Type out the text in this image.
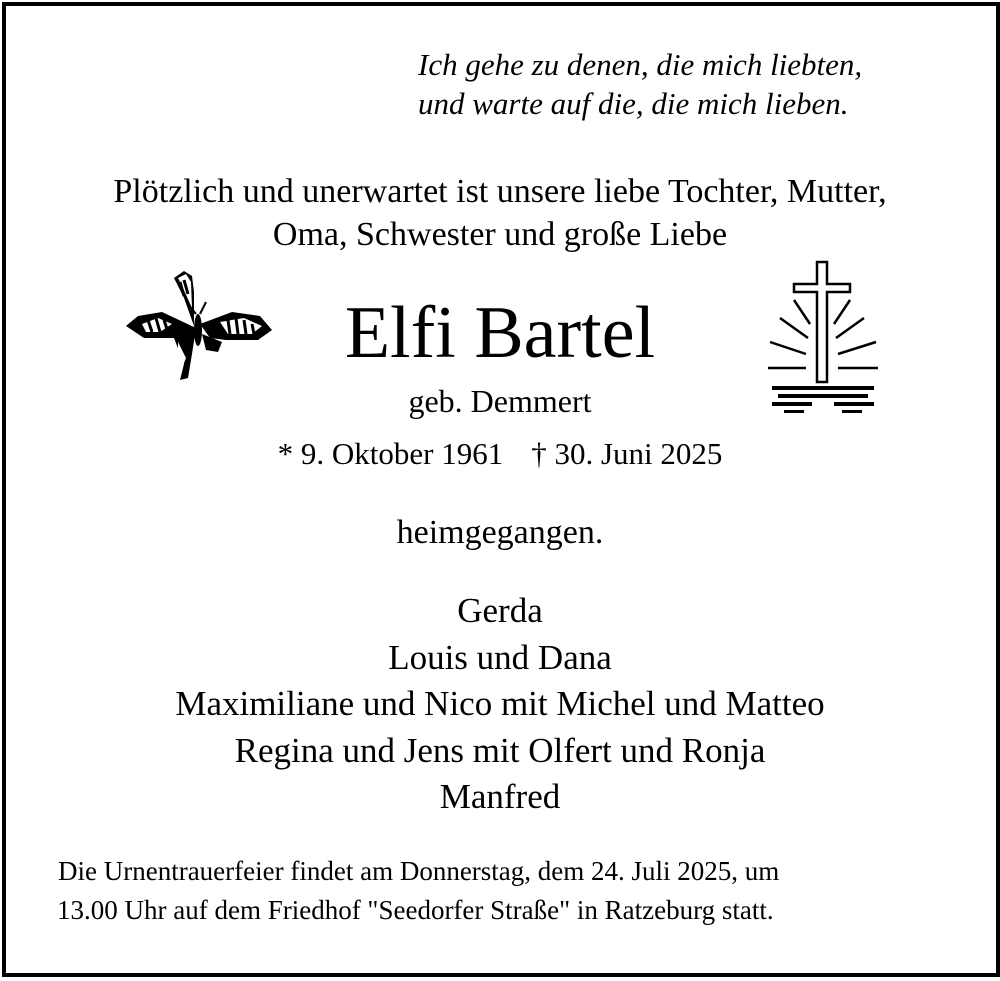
Ich gehe zu denen, die mich liebten,
und warte auf die, die mich lieben.
Plötzlich und unerwartet ist unsere liebe Tochter, Mutter,
Oma, Schwester und große Liebe
Elfi Bartel
geb. Demmert
* 9. Oktober 1961 † 30. Juni 2025
heimgegangen.
Gerda
Louis und Dana
Maximiliane und Nico mit Michel und Matteo
Regina und Jens mit Olfert und Ronja
Manfred
Die Urnentrauerfeier findet am Donnerstag, dem 24. Juli 2025, um
13.00 Uhr auf dem Friedhof "Seedorfer Straße" in Ratzeburg statt.
